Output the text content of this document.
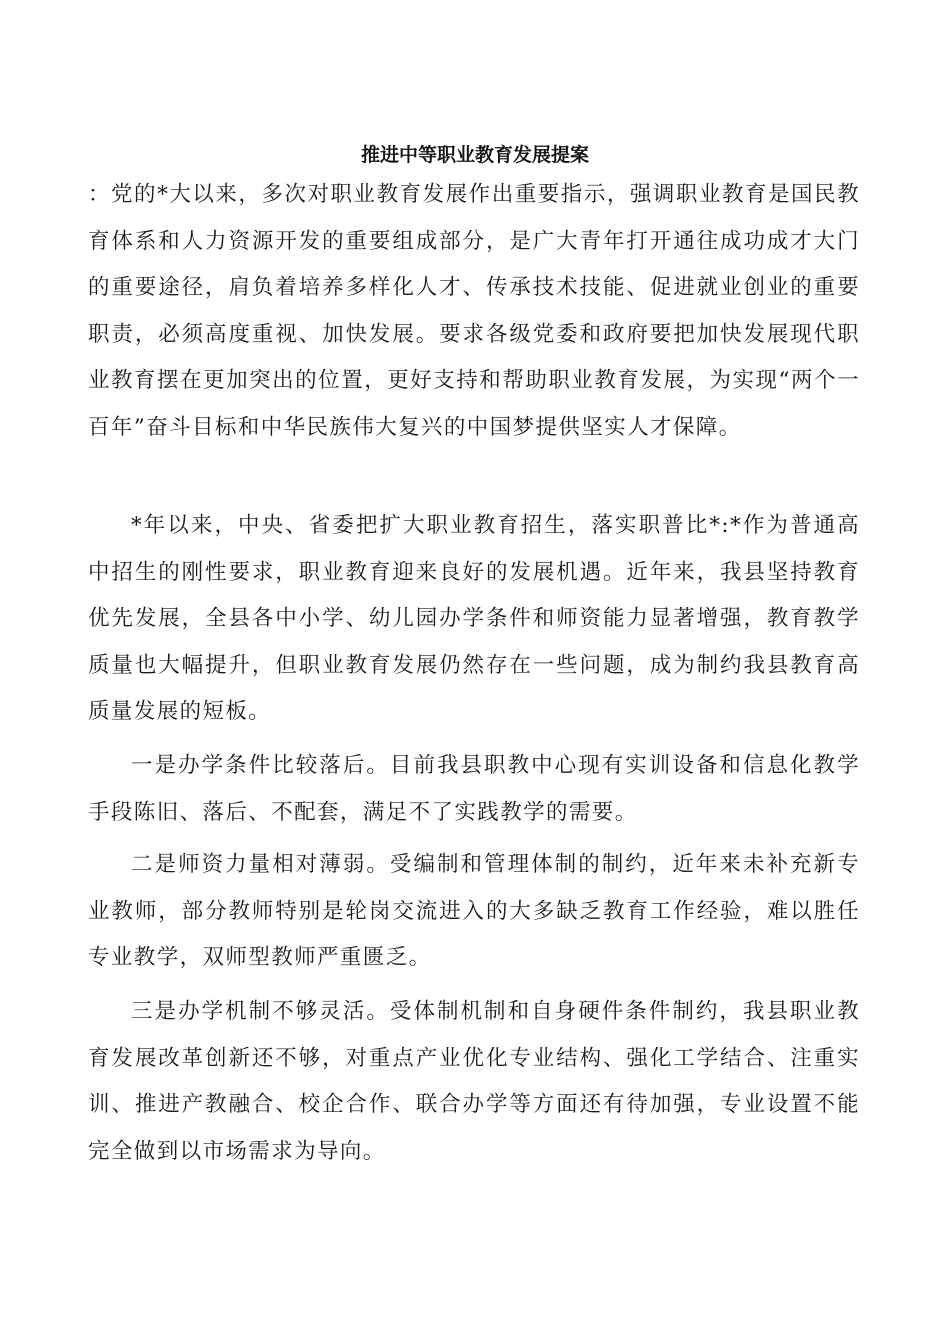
推进中等职业教育发展提案

：党的*大以来，多次对职业教育发展作出重要指示，强调职业教育是国民教育体系和人力资源开发的重要组成部分，是广大青年打开通往成功成才大门的重要途径，肩负着培养多样化人才、传承技术技能、促进就业创业的重要职责，必须高度重视、加快发展。要求各级党委和政府要把加快发展现代职业教育摆在更加突出的位置，更好支持和帮助职业教育发展，为实现“两个一百年”奋斗目标和中华民族伟大复兴的中国梦提供坚实人才保障。

*年以来，中央、省委把扩大职业教育招生，落实职普比*:*作为普通高中招生的刚性要求，职业教育迎来良好的发展机遇。近年来，我县坚持教育优先发展，全县各中小学、幼儿园办学条件和师资能力显著增强，教育教学质量也大幅提升，但职业教育发展仍然存在一些问题，成为制约我县教育高质量发展的短板。

一是办学条件比较落后。目前我县职教中心现有实训设备和信息化教学手段陈旧、落后、不配套，满足不了实践教学的需要。

二是师资力量相对薄弱。受编制和管理体制的制约，近年来未补充新专业教师，部分教师特别是轮岗交流进入的大多缺乏教育工作经验，难以胜任专业教学，双师型教师严重匮乏。

三是办学机制不够灵活。受体制机制和自身硬件条件制约，我县职业教育发展改革创新还不够，对重点产业优化专业结构、强化工学结合、注重实训、推进产教融合、校企合作、联合办学等方面还有待加强，专业设置不能完全做到以市场需求为导向。
